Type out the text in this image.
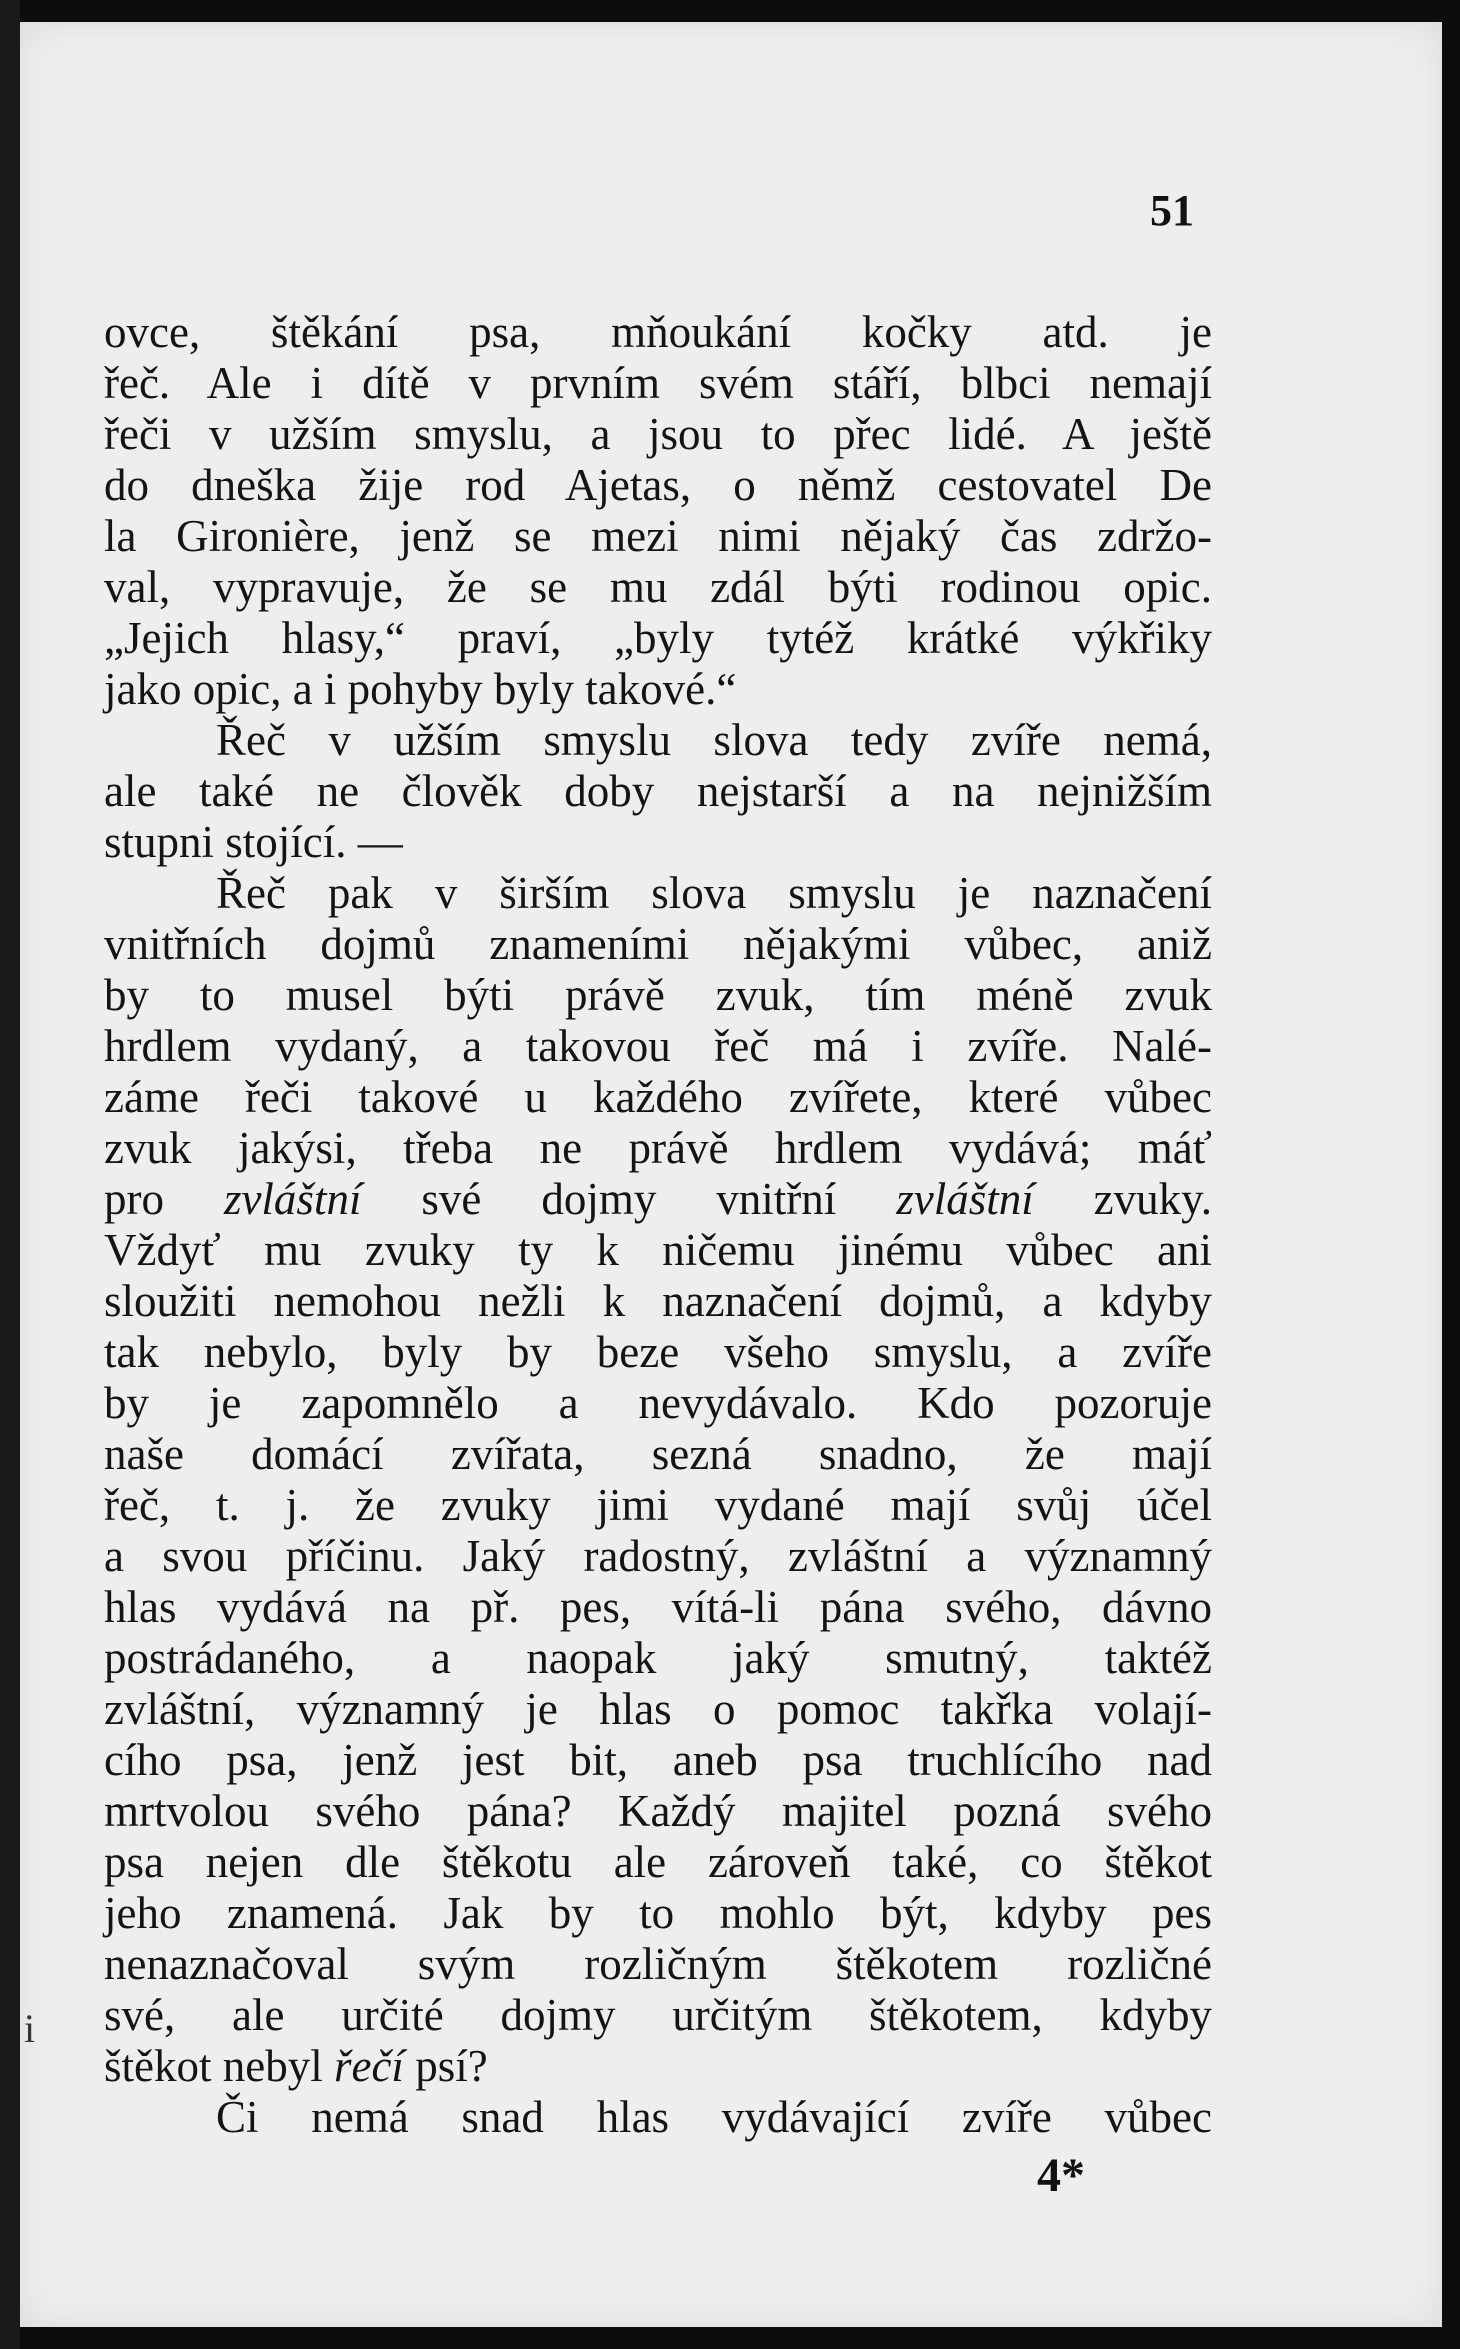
51
ovce, štěkání psa, mňoukání kočky atd. je
řeč. Ale i dítě v prvním svém stáří, blbci nemají
řeči v užším smyslu, a jsou to přec lidé. A ještě
do dneška žije rod Ajetas, o němž cestovatel De
la Gironière, jenž se mezi nimi nějaký čas zdržo-
val, vypravuje, že se mu zdál býti rodinou opic.
„Jejich hlasy,“ praví, „byly tytéž krátké výkřiky
jako opic, a i pohyby byly takové.“
Řeč v užším smyslu slova tedy zvíře nemá,
ale také ne člověk doby nejstarší a na nejnižším
stupni stojící. —
Řeč pak v širším slova smyslu je naznačení
vnitřních dojmů znameními nějakými vůbec, aniž
by to musel býti právě zvuk, tím méně zvuk
hrdlem vydaný, a takovou řeč má i zvíře. Nalé-
záme řeči takové u každého zvířete, které vůbec
zvuk jakýsi, třeba ne právě hrdlem vydává; máť
pro zvláštní své dojmy vnitřní zvláštní zvuky.
Vždyť mu zvuky ty k ničemu jinému vůbec ani
sloužiti nemohou nežli k naznačení dojmů, a kdyby
tak nebylo, byly by beze všeho smyslu, a zvíře
by je zapomnělo a nevydávalo. Kdo pozoruje
naše domácí zvířata, sezná snadno, že mají
řeč, t. j. že zvuky jimi vydané mají svůj účel
a svou příčinu. Jaký radostný, zvláštní a významný
hlas vydává na př. pes, vítá-li pána svého, dávno
postrádaného, a naopak jaký smutný, taktéž
zvláštní, významný je hlas o pomoc takřka volají-
cího psa, jenž jest bit, aneb psa truchlícího nad
mrtvolou svého pána? Každý majitel pozná svého
psa nejen dle štěkotu ale zároveň také, co štěkot
jeho znamená. Jak by to mohlo být, kdyby pes
nenaznačoval svým rozličným štěkotem rozličné
své, ale určité dojmy určitým štěkotem, kdyby
štěkot nebyl řečí psí?
Či nemá snad hlas vydávající zvíře vůbec
i
4*
